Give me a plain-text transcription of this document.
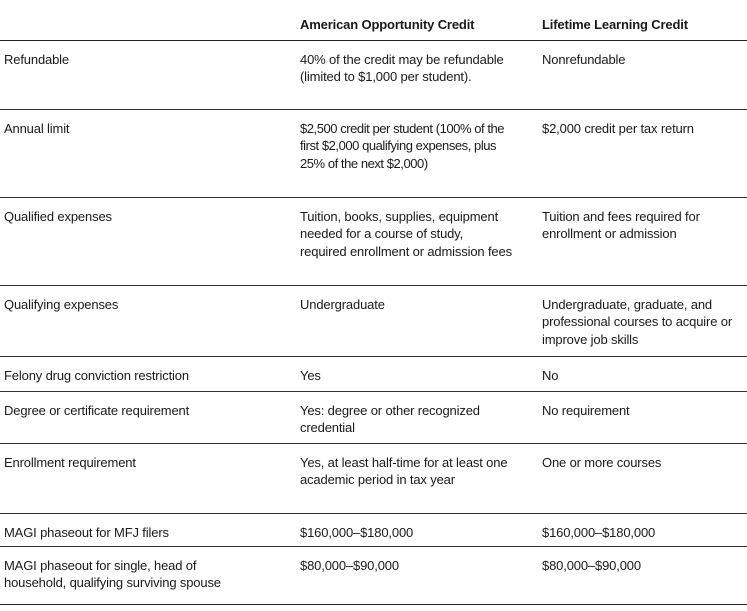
	American Opportunity Credit	Lifetime Learning Credit

Refundable	40% of the credit may be refundable (limited to $1,000 per student).	Nonrefundable

Annual limit	$2,500 credit per student (100% of the first $2,000 qualifying expenses, plus 25% of the next $2,000)	$2,000 credit per tax return

Qualified expenses	Tuition, books, supplies, equipment needed for a course of study, required enrollment or admission fees	Tuition and fees required for enrollment or admission

Qualifying expenses	Undergraduate	Undergraduate, graduate, and professional courses to acquire or improve job skills

Felony drug conviction restriction	Yes	No

Degree or certificate requirement	Yes: degree or other recognized credential	No requirement

Enrollment requirement	Yes, at least half-time for at least one academic period in tax year	One or more courses

MAGI phaseout for MFJ filers	$160,000–$180,000	$160,000–$180,000

MAGI phaseout for single, head of household, qualifying surviving spouse	$80,000–$90,000	$80,000–$90,000
